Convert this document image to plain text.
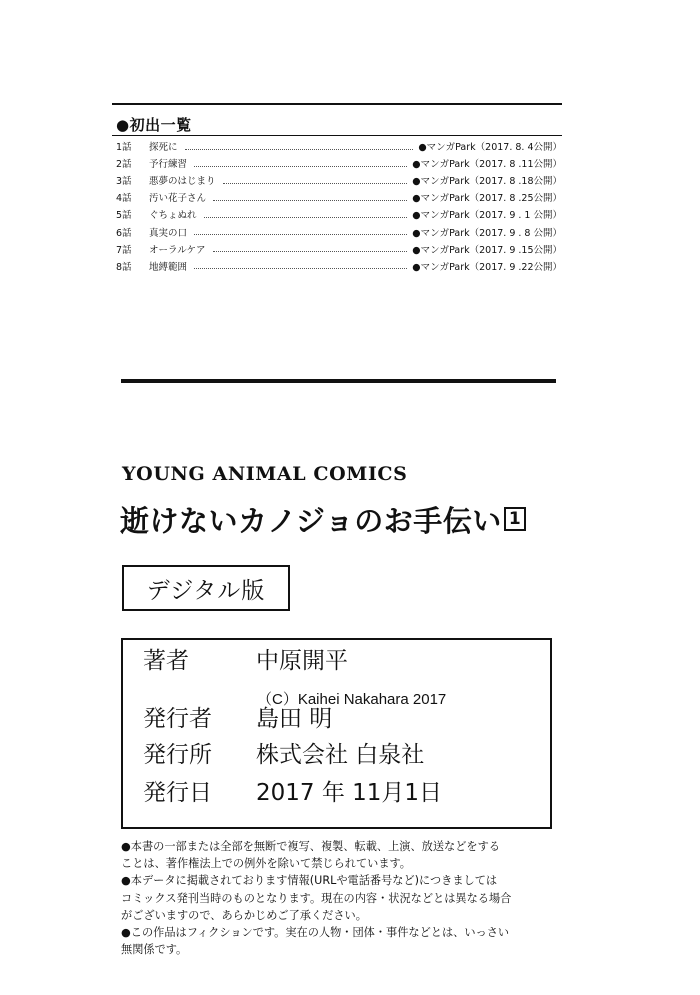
●初出一覧
1話	探死に	●マンガPark（2017. 8. 4公開）
2話	予行練習	●マンガPark（2017. 8 .11公開）
3話	悪夢のはじまり	●マンガPark（2017. 8 .18公開）
4話	汚い花子さん	●マンガPark（2017. 8 .25公開）
5話	ぐちょぬれ	●マンガPark（2017. 9 . 1 公開）
6話	真実の口	●マンガPark（2017. 9 . 8 公開）
7話	オーラルケア	●マンガPark（2017. 9 .15公開）
8話	地縛範囲	●マンガPark（2017. 9 .22公開）
YOUNG ANIMAL COMICS
逝けないカノジョのお手伝い 1
デジタル版
著者	中原開平
（C）Kaihei Nakahara 2017
発行者 島田 明
発行所 株式会社 白泉社
発行日 2017 年 11月1日
●本書の一部または全部を無断で複写、複製、転載、上演、放送などをする
ことは、著作権法上での例外を除いて禁じられています。
●本データに掲載されております情報(URLや電話番号など)につきましては
コミックス発刊当時のものとなります。現在の内容・状況などとは異なる場合
がございますので、あらかじめご了承ください。
●この作品はフィクションです。実在の人物・団体・事件などとは、いっさい
無関係です。
